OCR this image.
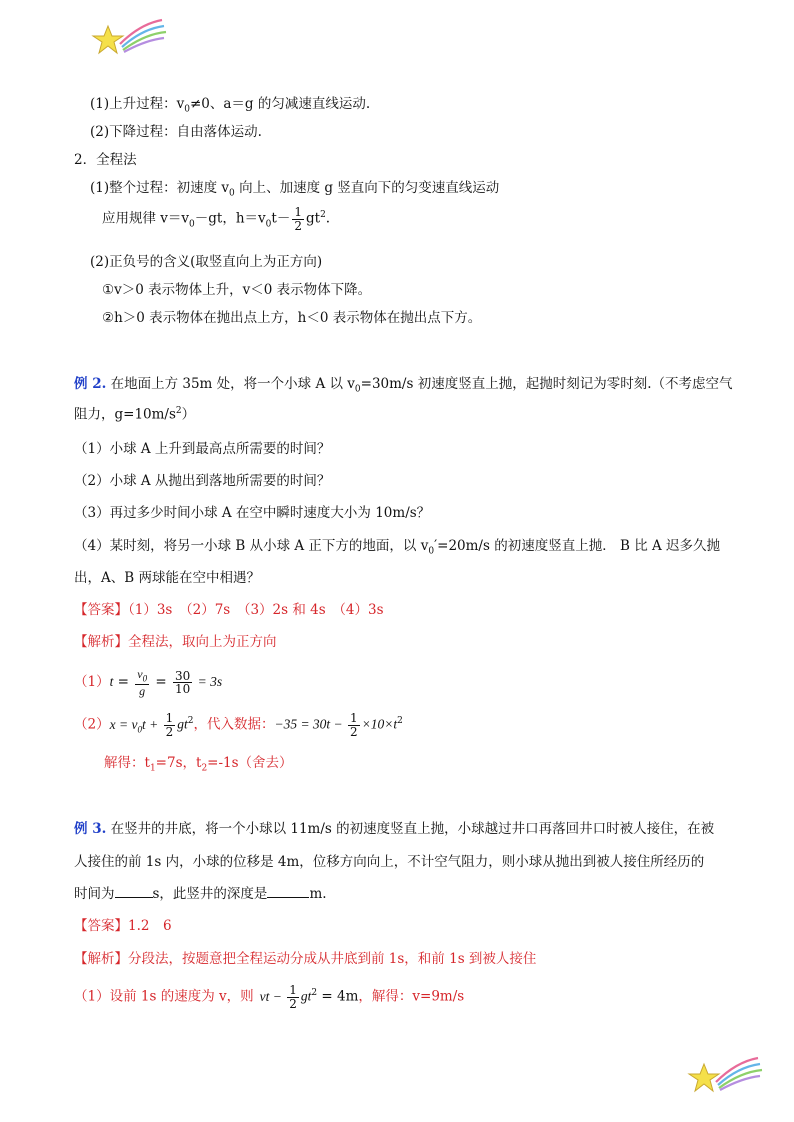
(1)上升过程：$v_0\ne 0$、a＝g 的匀减速直线运动.
(2)下降过程：自由落体运动.
2．全程法
(1)整个过程：初速度 $v_0$ 向上、加速度 g 竖直向下的匀变速直线运动
应用规律 $v=v_0-gt$，$h=v_0t- \frac{1}{2} gt^2$.
(2)正负号的含义(取竖直向上为正方向)
①v＞0 表示物体上升，v＜0 表示物体下降。
②h＞0 表示物体在抛出点上方，h＜0 表示物体在抛出点下方。
例 2. 在地面上方 35m 处，将一个小球 A 以 $v_0=30m/s$ 初速度竖直上抛，起抛时刻记为零时刻.（不考虑空气
阻力，$g=10m/s^2$）
（1）小球 A 上升到最高点所需要的时间？
（2）小球 A 从抛出到落地所需要的时间？
（3）再过多少时间小球 A 在空中瞬时速度大小为 10m/s？
（4）某时刻，将另一小球 B 从小球 A 正下方的地面，以 $v_0'=20m/s$ 的初速度竖直上抛． B 比 A 迟多久抛
出，A、B 两球能在空中相遇？
【答案】（1）3s　（2）7s　（3）2s 和 4s　（4）3s
【解析】全程法，取向上为正方向
$(1)t = \frac{v_0}{g} = \frac{30}{10} = 3s$
$(2)x = v_0t + \frac{1}{2} gt^2$，代入数据：$-35 = 30t - \frac{1}{2} \times 10\times t^2$
解得：$t_1=7s$，$t_2=-1s$（舍去）
例 3. 在竖井的井底，将一个小球以 11m/s 的初速度竖直上抛，小球越过井口再落回井口时被人接住，在被
人接住的前 1s 内，小球的位移是 4m，位移方向向上，不计空气阻力，则小球从抛出到被人接住所经历的
时间为	s，此竖井的深度是	m.
【答案】1.2　6
【解析】分段法，按题意把全程运动分成从井底到前 1s，和前 1s 到被人接住
（1）设前 1s 的速度为 v，则 vt − $\frac{1}{2} gt^2 = 4m$，解得：v=9m/s
